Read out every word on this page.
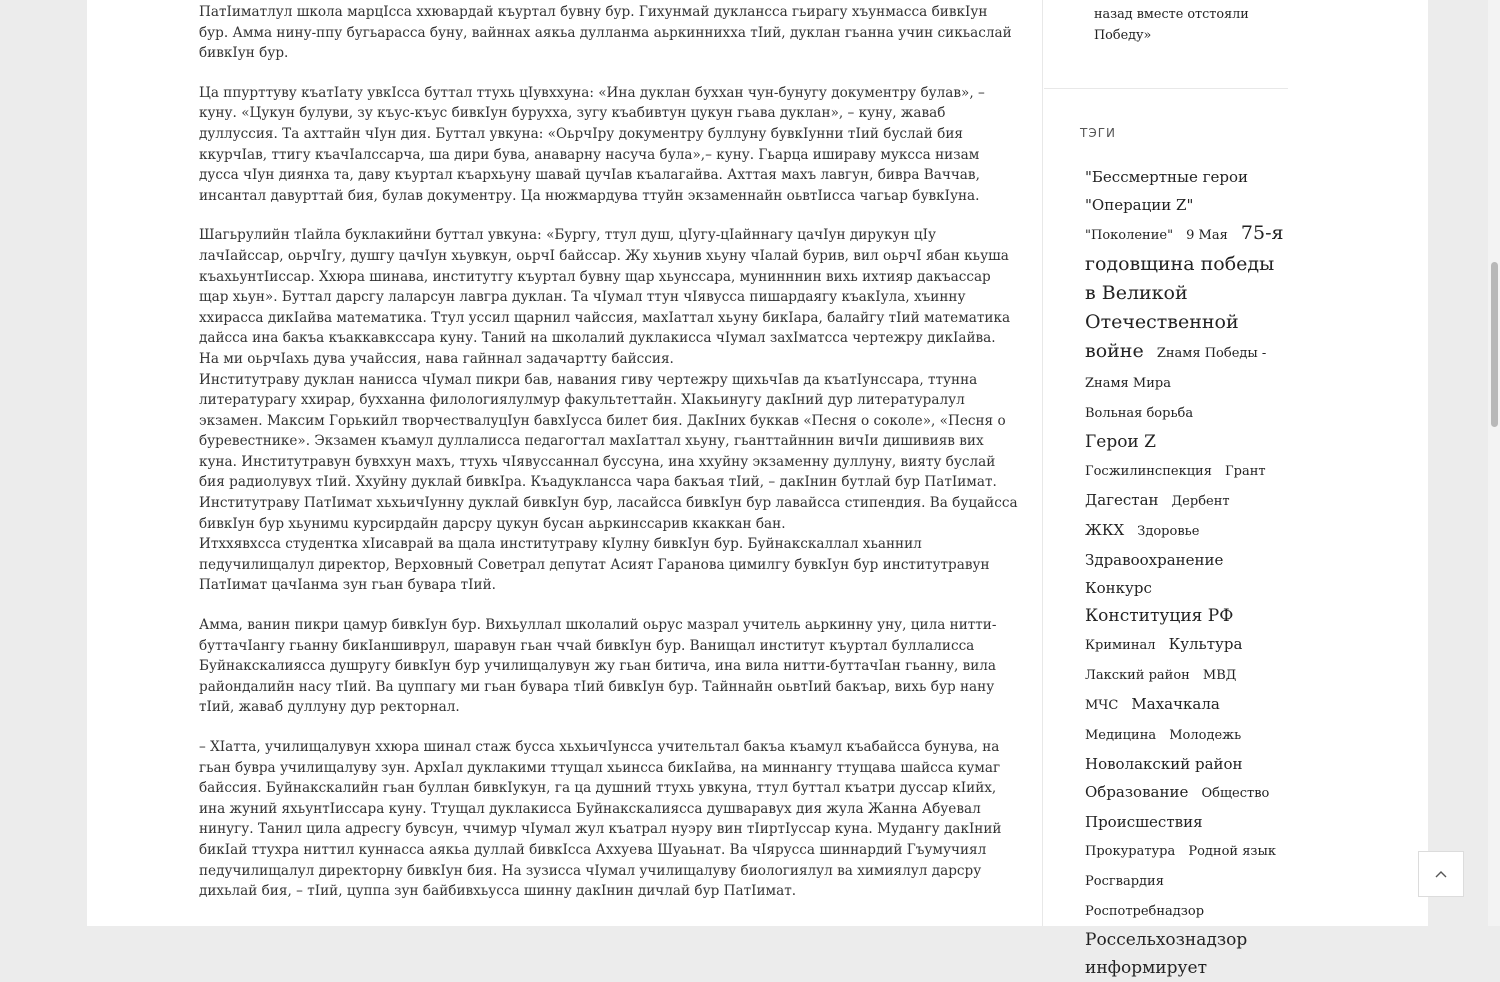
ПатIиматлул школа марцIсса ххювардай къуртал бувну бур. Гихунмай дуклансса гьирагу хъунмасса бивкIун бур. Амма нину-ппу бугьарасса буну, вайннах аякьа дулланма аьркиннихха тIий, дуклан гьанна учин сикьаслай бивкIун бур.

Ца ппурттуву къатIату увкIсса буттал ттухь цIувххуна: «Ина дуклан буххан чун-бунугу документру булав», – куну. «Цукун булуви, зу къус-къус бивкIун буруххa, зугу къабивтун цукун гьава дуклан», – куну, жаваб дуллуссия. Та ахттайн чIун дия. Буттал увкуна: «ОьрчIру документру буллуну бувкIунни тIий буслай бия ккурчIав, ттигу къачIалссарча, ша дири бува, анаварну насуча була»,– куну. Гьарца иширaву муксса низам дусса чIун диянха та, даву къуртал къархьуну шавай цучIав къалагайва. Ахттая махъ лавгун, бивра Ваччав, инсантал давурттай бия, булав документру. Ца нюжмардува ттуйн экзаменнайн оьвтIисса чагьар бувкIуна.

Шагьрулийн тIайла буклакийни буттал увкуна: «Бургу, ттул душ, цIугу-цIайннагу цачIун дирукун цIу лачIайссар, оьрчIгу, душгу цачIун хьувкун, оьрчI байссар. Жу хьунив хьуну чIалай бурив, вил оьрчI ябан кьуша къахьунтIиссар. Ххюра шинава, институтгу къуртал бувну щар хьунссара, мунинннин вихь ихтияр дакъассар щар хьун». Буттал дарсгу лаларсун лавгра дуклан. Та чIумал ттун чIявусса пишардаягу къакIула, хъинну ххирасса дикIайва математика. Ттул уссил щарнил чайссия, махIаттал хьуну бикIара, балайгу тIий математика дайсса ина бакъа къаккавкссара куну. Таний на школалий дуклакисса чIумал захIматсса чертежру дикIайва. На ми оьрчIахь дува учайссия, нава гайннал задачартту байссия.

Институтраву дуклан нанисса чIумал пикри бав, навания гиву чертежру щихьчIав да къатIунссара, ттунна литературагу ххирар, бухханна филологиялулмур факультеттайн. ХIакьинугу дакIний дур литературалул экзамен. Максим Горькийл творчествалуцIун бавхIусса билет бия. ДакIних буккав «Песня о соколе», «Песня о буревестнике». Экзамен къамул дуллалисса педагогтал махIаттал хьуну, гьанттайннин вичIи дишивияв вих куна. Институтравун бувххун махъ, ттухь чIявуссаннал бусcуна, ина ххуйну экзаменну дуллуну, вияту буслай бия радиолувух тIий. Ххуйну дуклай бивкIра. Къадуклансса чара бакъая тIий, – дакIнин бутлай бур ПатIимат. Институтраву ПатIимат хьхьичIунну дуклай бивкIун бур, ласайсса бивкIун бур лавайсса стипендия. Ва буцайсса бивкIун бур хьунимu курсирдайн дарсру цукун бусан аьркинссарив ккаккан бан.

Итххявхсса студентка хIисаврай ва щала институтраву кIулну бивкIун бур. Буйнакскаллал хьаннил педучилищалул директор, Верховный Советрал депутат Асият Гаранова цимилгу бувкIун бур институтравун ПатIимат цачIанма зун гьан бувара тIий.

Амма, ванин пикри цамур бивкIун бур. Вихьуллал школалий оьрус мазрал учитель аьркинну уну, цила нитти-буттачIангу гьанну бикIаншиврул, шаравун гьан ччай бивкIун бур. Ванищал институт къуртал буллалисса Буйнакскалиясса душругу бивкIун бур училищалувун жу гьан битича, ина вила нитти-буттачIан гьанну, вила райондалийн насу тIий. Ва цуппагу ми гьан бувара тIий бивкIун бур. Тайннайн оьвтIий бакъар, вихь бур нану тIий, жаваб дуллуну дур ректорнал.

– ХIатта, училищалувун ххюра шинал стаж бусса хьхьичIунсса учительтал бакъа къамул къабайсса бунува, на гьан бувра училищалуву зун. АрхIал дуклакими ттущал хьинсса бикIайва, на миннангу ттущава шайсса кумаг байссия. Буйнакскалийн гьан буллан бивкIукун, га ца душний ттухь увкуна, ттул буттал къатри дуссар кIийх, ина жуний яхьунтIиссара куну. Ттущал дуклакисса Буйнакскалиясса душваравух дия жула Жанна Абуевал нинугу. Танил цила адресгу бувсун, ччимур чIумал жул къатрал нуэру вин тIиртIуссар куна. Мудангу дакIний бикIай ттухра ниттил куннасса аякьа дуллай бивкIсса Аххуева Шуаьнат. Ва чIярусса шиннардий Гъумучиял педучилищалул директорну бивкIун бия. На зузисса чIумал училищалуву биологиялул ва химиялул дарсру дихьлай бия, – тIий, цуппа зун байбивхьусса шинну дакIнин дичлай бур ПатIимат.

назад вместе отстояли Победу»
ТЭГИ
"Бессмертные герои "Операции Z" "Поколение" 9 Мая 75-я годовщина победы в Великой Отечественной войне Zнамя Победы - Zнамя Мира Вольная борьба Герои Z Госжилинспекция Грант Дагестан Дербент ЖКХ Здоровье Здравоохранение Конкурс Конституция РФ Криминал Культура Лакский район МВД МЧС Махачкала Медицина Молодежь Новолакский район Образование Общество Происшествия Прокуратура Родной язык Росгвардия Роспотребнадзор Россельхознадзор информирует
